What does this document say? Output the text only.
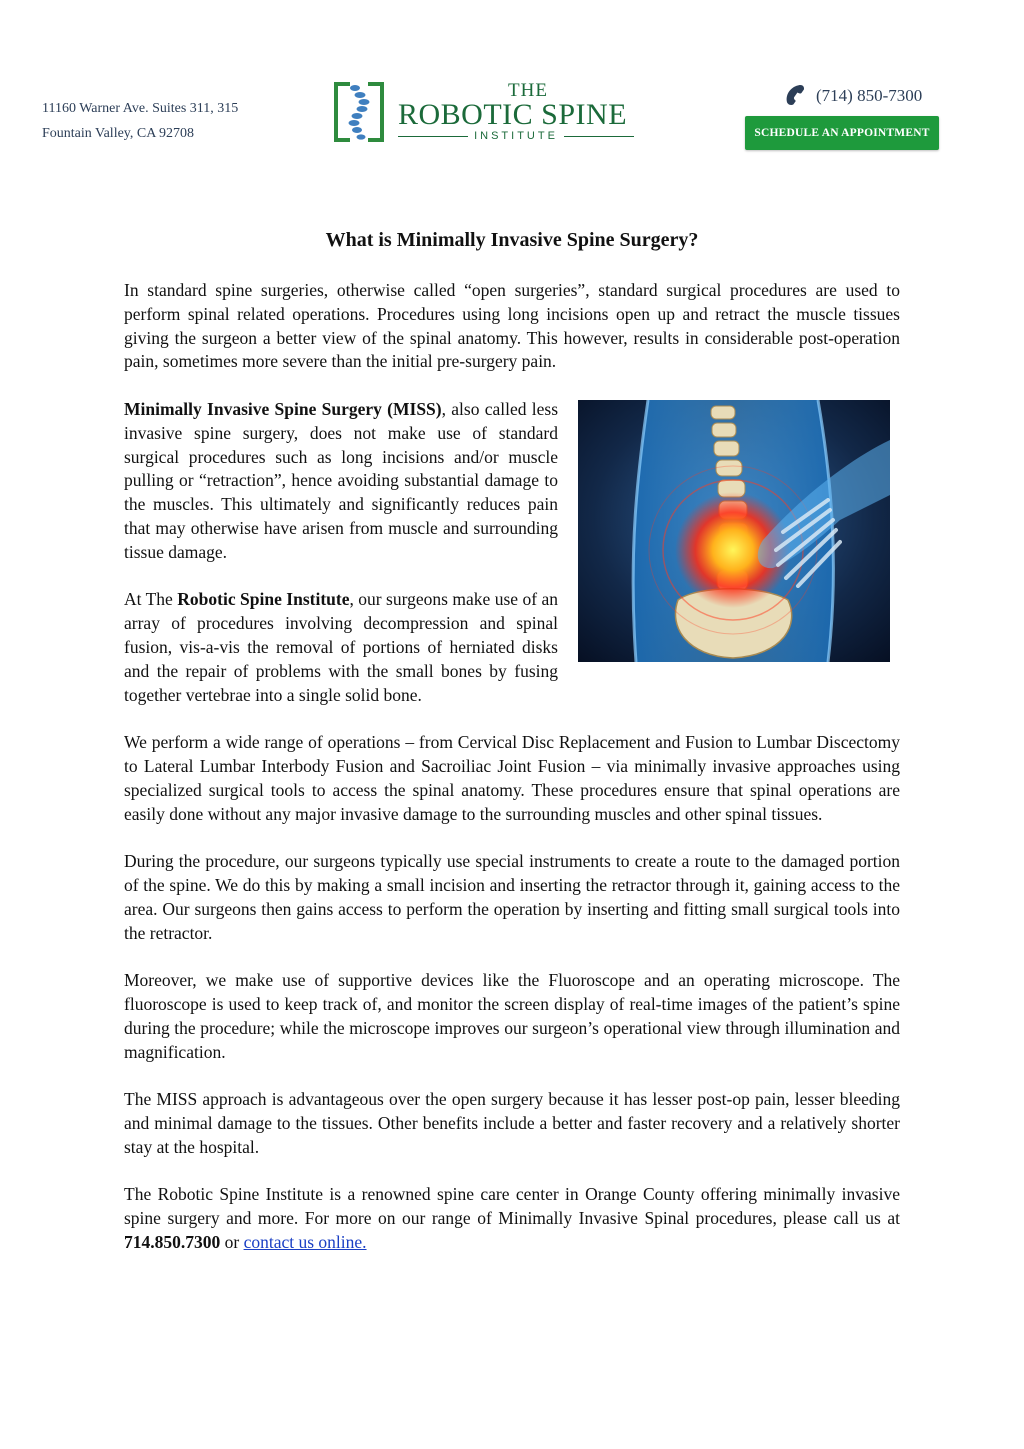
11160 Warner Ave. Suites 311, 315
Fountain Valley, CA 92708
THE
ROBOTIC SPINE
INSTITUTE
(714) 850-7300
SCHEDULE AN APPOINTMENT
What is Minimally Invasive Spine Surgery?

In standard spine surgeries, otherwise called “open surgeries”, standard surgical procedures are used to perform spinal related operations. Procedures using long incisions open up and retract the muscle tissues giving the surgeon a better view of the spinal anatomy. This however, results in considerable post-operation pain, sometimes more severe than the initial pre-surgery pain.

Minimally Invasive Spine Surgery (MISS), also called less invasive spine surgery, does not make use of standard surgical procedures such as long incisions and/or muscle pulling or “retraction”, hence avoiding substantial damage to the muscles. This ultimately and significantly reduces pain that may otherwise have arisen from muscle and surrounding tissue damage.

At The Robotic Spine Institute, our surgeons make use of an array of procedures involving decompression and spinal fusion, vis-a-vis the removal of portions of herniated disks and the repair of problems with the small bones by fusing together vertebrae into a single solid bone.

We perform a wide range of operations – from Cervical Disc Replacement and Fusion to Lumbar Discectomy to Lateral Lumbar Interbody Fusion and Sacroiliac Joint Fusion – via minimally invasive approaches using specialized surgical tools to access the spinal anatomy. These procedures ensure that spinal operations are easily done without any major invasive damage to the surrounding muscles and other spinal tissues.

During the procedure, our surgeons typically use special instruments to create a route to the damaged portion of the spine. We do this by making a small incision and inserting the retractor through it, gaining access to the area. Our surgeons then gains access to perform the operation by inserting and fitting small surgical tools into the retractor.

Moreover, we make use of supportive devices like the Fluoroscope and an operating microscope. The fluoroscope is used to keep track of, and monitor the screen display of real-time images of the patient’s spine during the procedure; while the microscope improves our surgeon’s operational view through illumination and magnification.

The MISS approach is advantageous over the open surgery because it has lesser post-op pain, lesser bleeding and minimal damage to the tissues. Other benefits include a better and faster recovery and a relatively shorter stay at the hospital.

The Robotic Spine Institute is a renowned spine care center in Orange County offering minimally invasive spine surgery and more. For more on our range of Minimally Invasive Spinal procedures, please call us at 714.850.7300 or contact us online.
